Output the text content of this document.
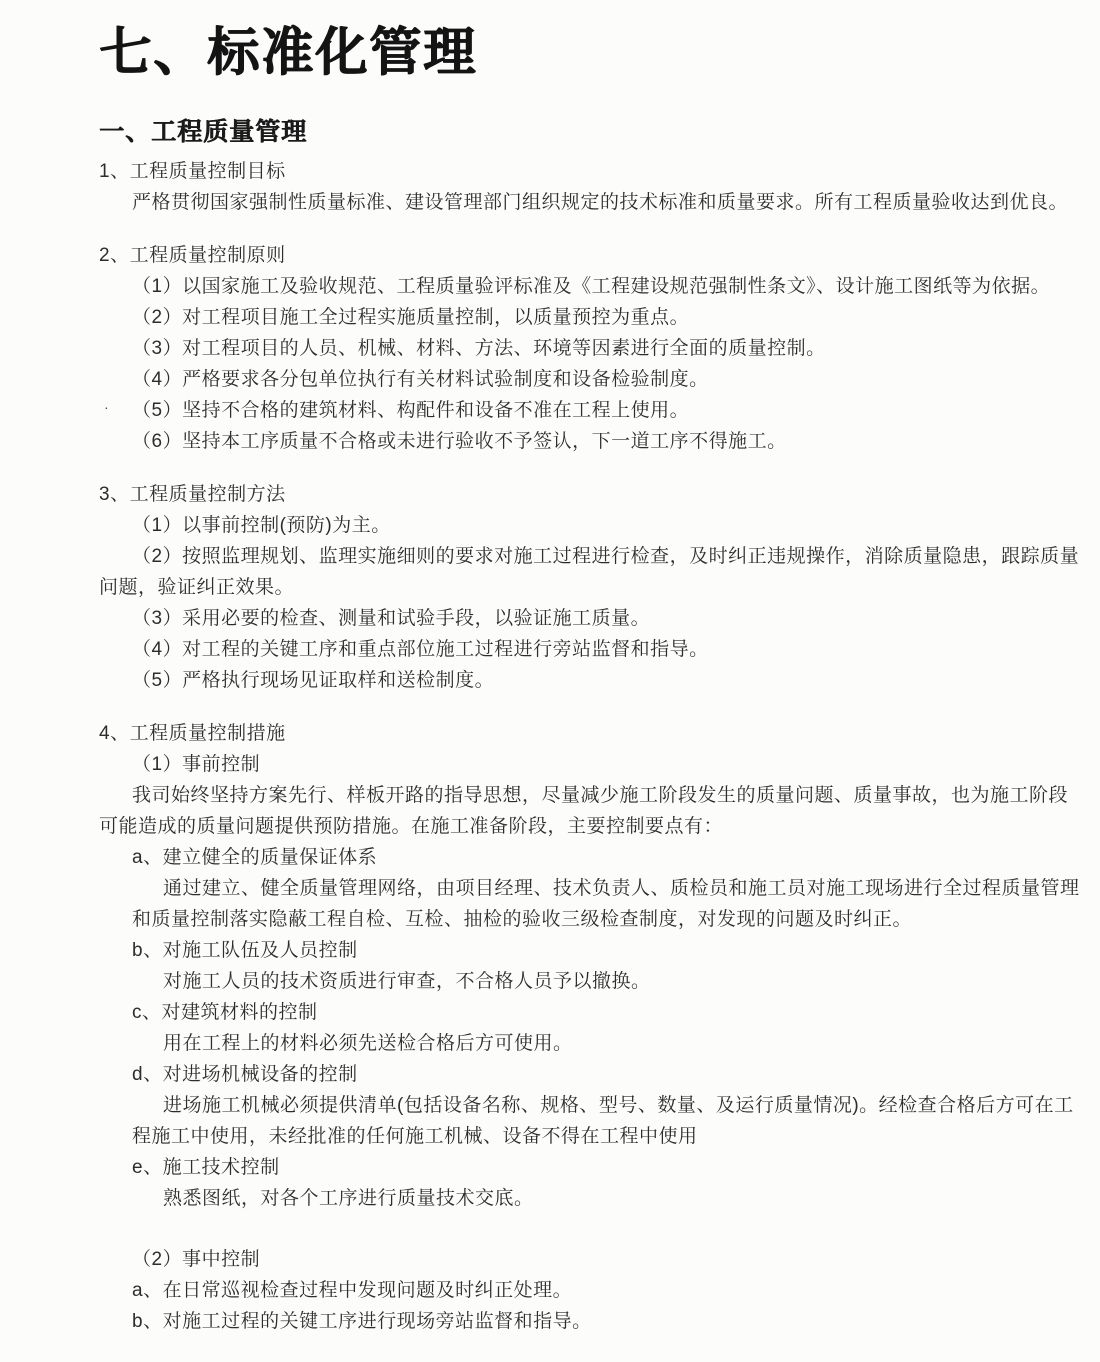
七、标准化管理
一、工程质量管理
1、工程质量控制目标
严格贯彻国家强制性质量标准、建设管理部门组织规定的技术标准和质量要求。所有工程质量验收达到优良。
2、工程质量控制原则
（1）以国家施工及验收规范、工程质量验评标准及《工程建设规范强制性条文》、设计施工图纸等为依据。
（2）对工程项目施工全过程实施质量控制，以质量预控为重点。
（3）对工程项目的人员、机械、材料、方法、环境等因素进行全面的质量控制。
（4）严格要求各分包单位执行有关材料试验制度和设备检验制度。
· （5）坚持不合格的建筑材料、构配件和设备不准在工程上使用。
（6）坚持本工序质量不合格或未进行验收不予签认，下一道工序不得施工。
3、工程质量控制方法
（1）以事前控制(预防)为主。
（2）按照监理规划、监理实施细则的要求对施工过程进行检查，及时纠正违规操作，消除质量隐患，跟踪质量问题，验证纠正效果。
（3）采用必要的检查、测量和试验手段，以验证施工质量。
（4）对工程的关键工序和重点部位施工过程进行旁站监督和指导。
（5）严格执行现场见证取样和送检制度。
4、工程质量控制措施
（1）事前控制
我司始终坚持方案先行、样板开路的指导思想，尽量减少施工阶段发生的质量问题、质量事故，也为施工阶段可能造成的质量问题提供预防措施。在施工准备阶段，主要控制要点有：
a、建立健全的质量保证体系
通过建立、健全质量管理网络，由项目经理、技术负责人、质检员和施工员对施工现场进行全过程质量管理和质量控制落实隐蔽工程自检、互检、抽检的验收三级检查制度，对发现的问题及时纠正。
b、对施工队伍及人员控制
对施工人员的技术资质进行审查，不合格人员予以撤换。
c、对建筑材料的控制
用在工程上的材料必须先送检合格后方可使用。
d、对进场机械设备的控制
进场施工机械必须提供清单(包括设备名称、规格、型号、数量、及运行质量情况)。经检查合格后方可在工程施工中使用，未经批准的任何施工机械、设备不得在工程中使用
e、施工技术控制
熟悉图纸，对各个工序进行质量技术交底。
（2）事中控制
a、在日常巡视检查过程中发现问题及时纠正处理。
b、对施工过程的关键工序进行现场旁站监督和指导。
